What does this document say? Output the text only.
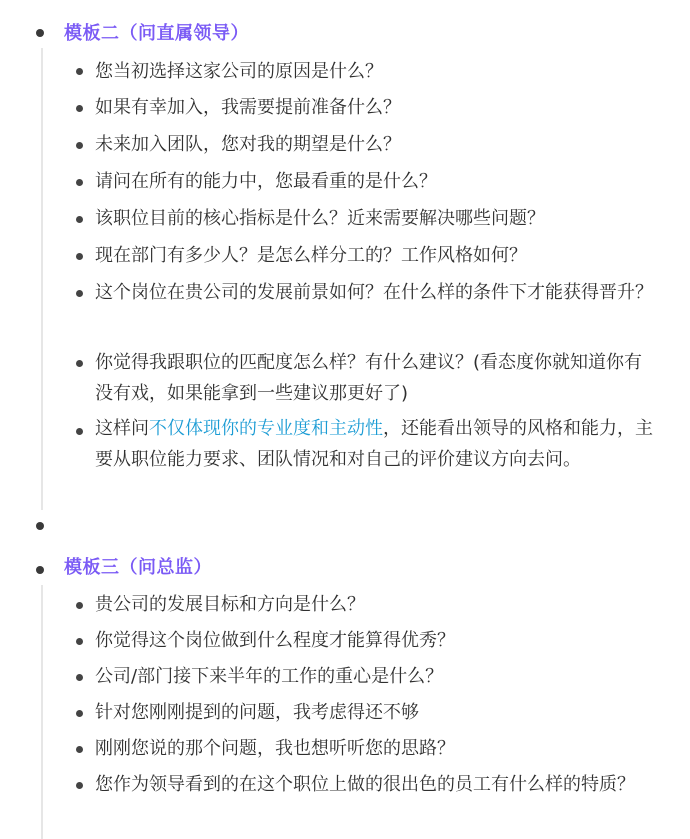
模板二（问直属领导）
您当初选择这家公司的原因是什么？
如果有幸加入，我需要提前准备什么？
未来加入团队，您对我的期望是什么？
请问在所有的能力中，您最看重的是什么？
该职位目前的核心指标是什么？近来需要解决哪些问题？
现在部门有多少人？是怎么样分工的？工作风格如何？
这个岗位在贵公司的发展前景如何？在什么样的条件下才能获得晋升？
你觉得我跟职位的匹配度怎么样？有什么建议？(看态度你就知道你有没有戏，如果能拿到一些建议那更好了)
这样问不仅体现你的专业度和主动性，还能看出领导的风格和能力，主要从职位能力要求、团队情况和对自己的评价建议方向去问。
模板三（问总监）
贵公司的发展目标和方向是什么？
你觉得这个岗位做到什么程度才能算得优秀？
公司/部门接下来半年的工作的重心是什么？
针对您刚刚提到的问题，我考虑得还不够
刚刚您说的那个问题，我也想听听您的思路？
您作为领导看到的在这个职位上做的很出色的员工有什么样的特质？
